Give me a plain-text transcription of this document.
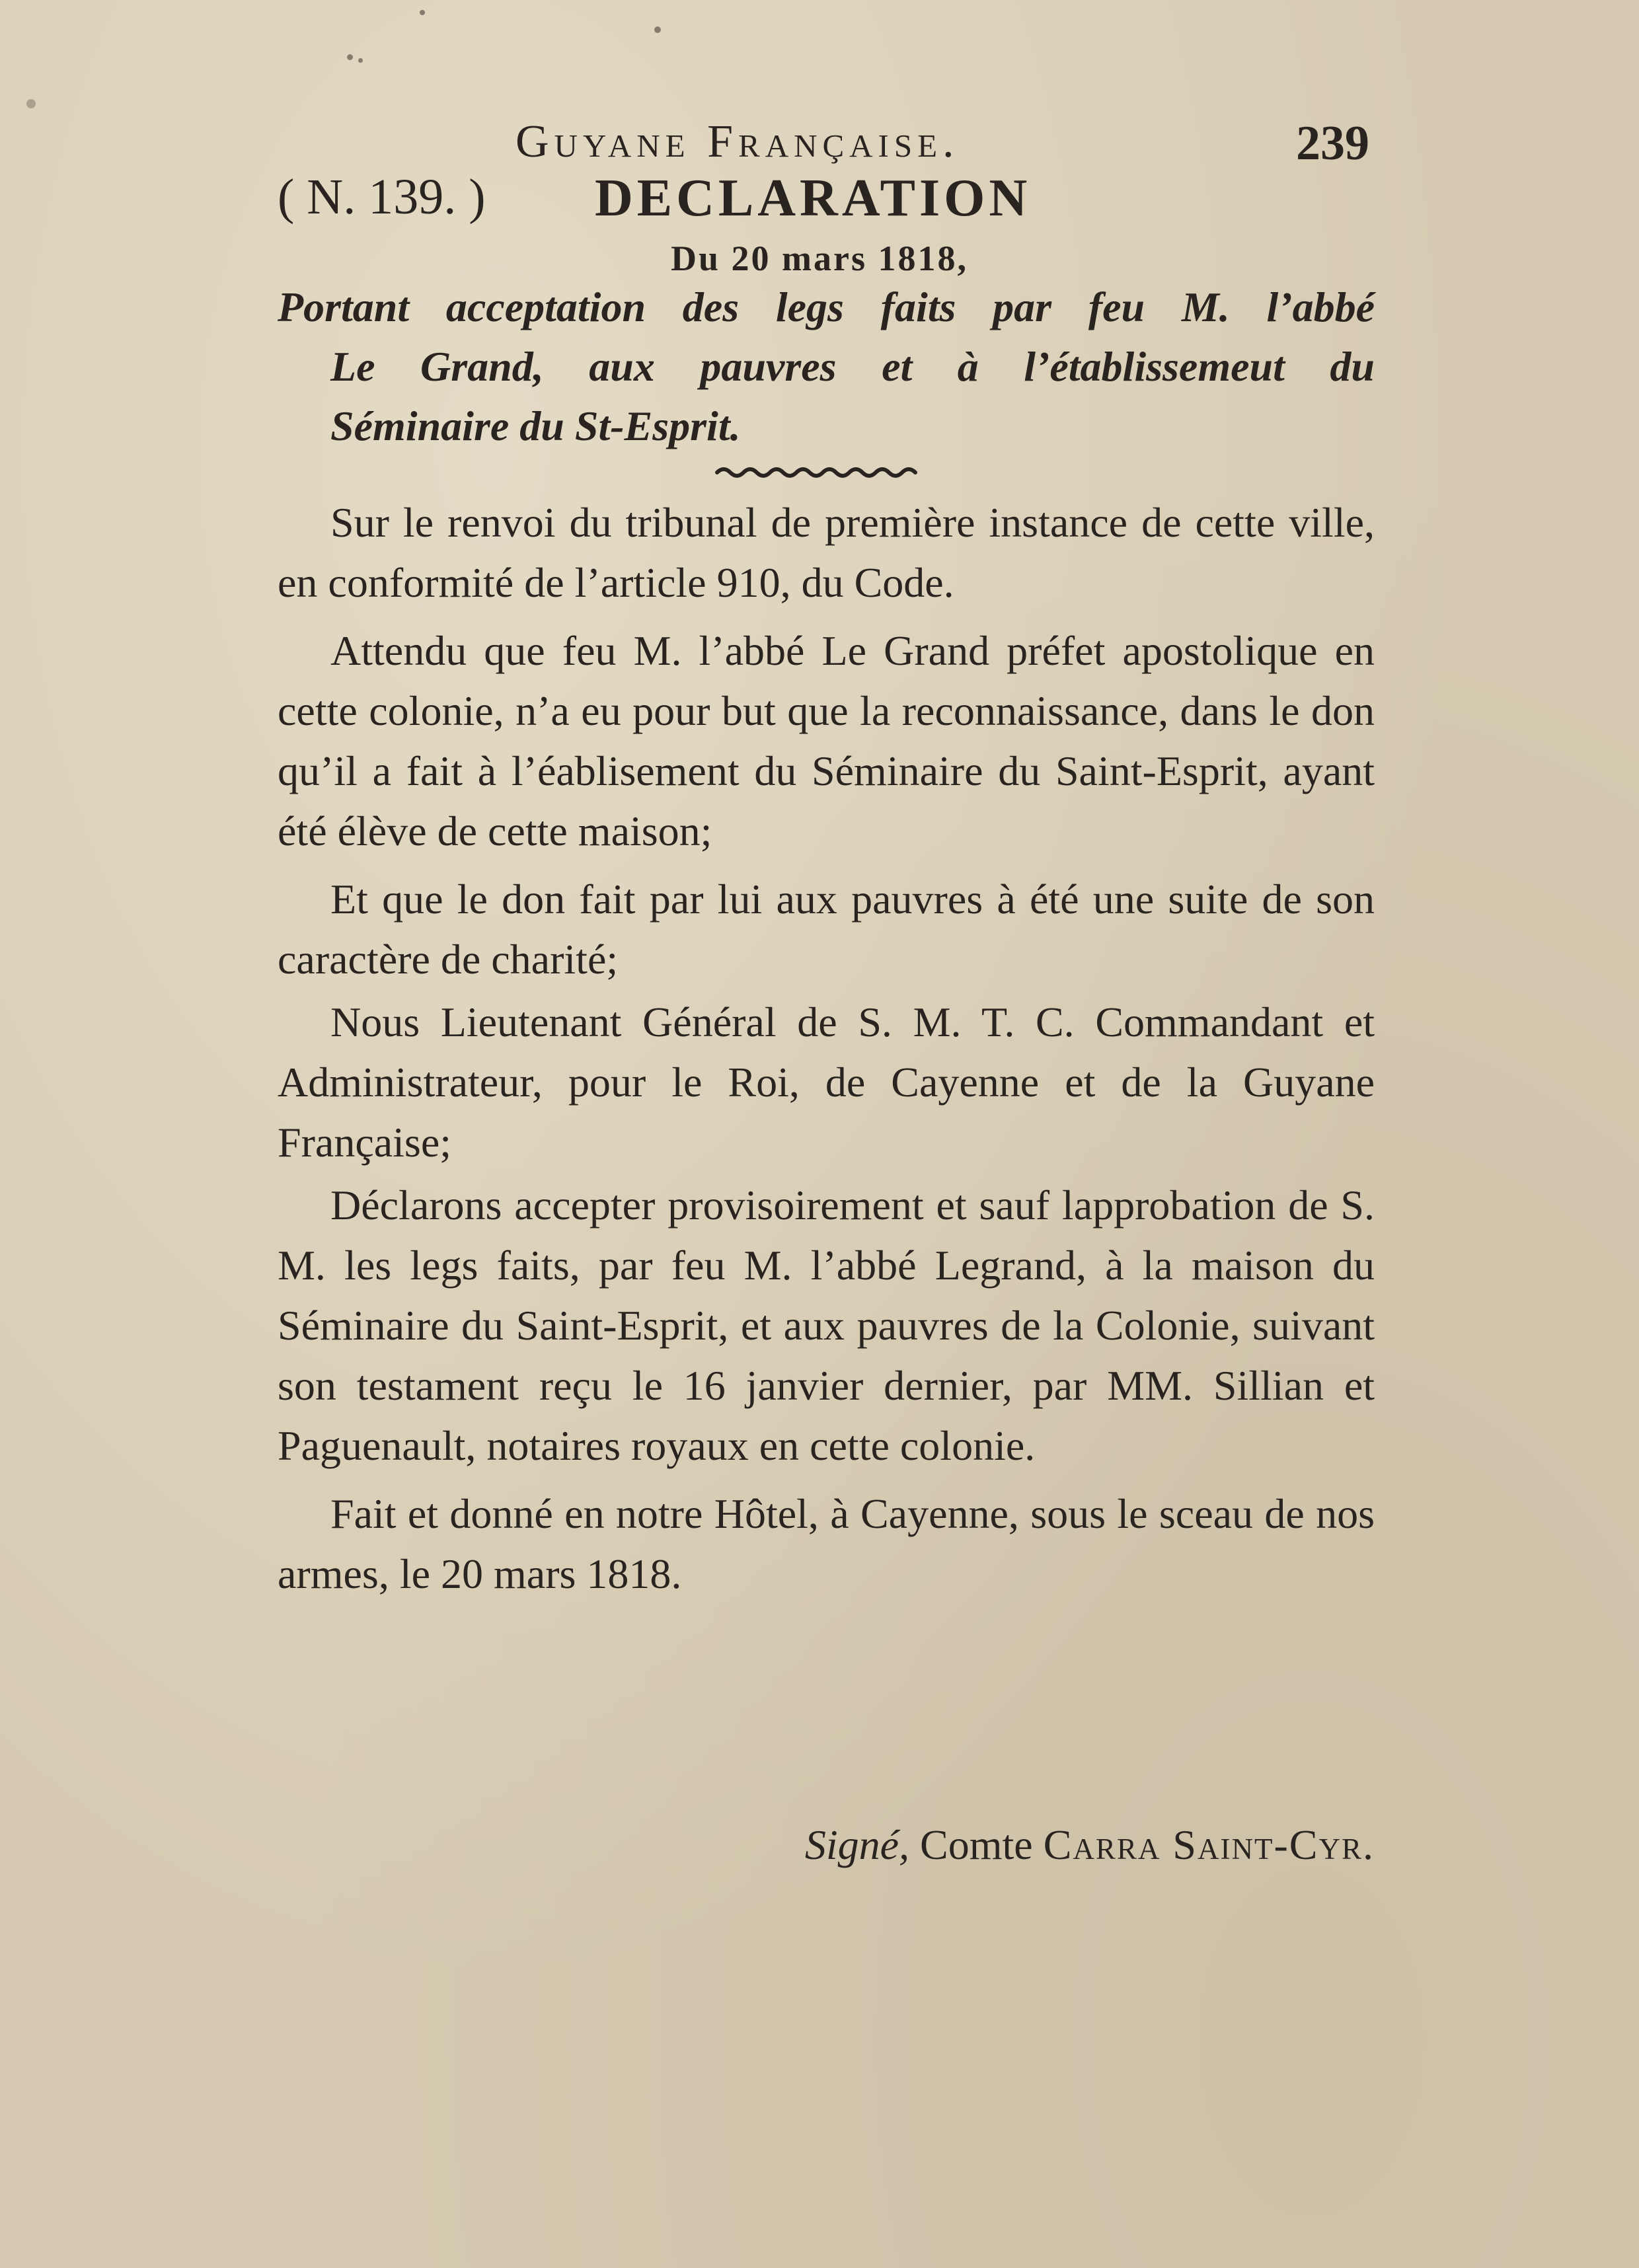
Guyane Française.	239
( N. 139. ) DECLARATION
Du 20 mars 1818,
Portant acceptation des legs faits par feu M. l’abbé
Le Grand, aux pauvres et à l’établissemeut du
Séminaire du St-Esprit.

Sur le renvoi du tribunal de première instance de cette ville, en conformité de l’article 910, du Code.

Attendu que feu M. l’abbé Le Grand préfet apostolique en cette colonie, n’a eu pour but que la reconnaissance, dans le don qu’il a fait à l’éablisement du Séminaire du Saint-Esprit, ayant été élève de cette maison;

Et que le don fait par lui aux pauvres à été une suite de son caractère de charité;

Nous Lieutenant Général de S. M. T. C. Commandant et Administrateur, pour le Roi, de Cayenne et de la Guyane Française;

Déclarons accepter provisoirement et sauf lapprobation de S. M. les legs faits, par feu M. l’abbé Legrand, à la maison du Séminaire du Saint-Esprit, et aux pauvres de la Colonie, suivant son testament reçu le 16 janvier dernier, par MM. Sillian et Paguenault, notaires royaux en cette colonie.

Fait et donné en notre Hôtel, à Cayenne, sous le sceau de nos armes, le 20 mars 1818.

Signé, Comte Carra Saint-Cyr.
